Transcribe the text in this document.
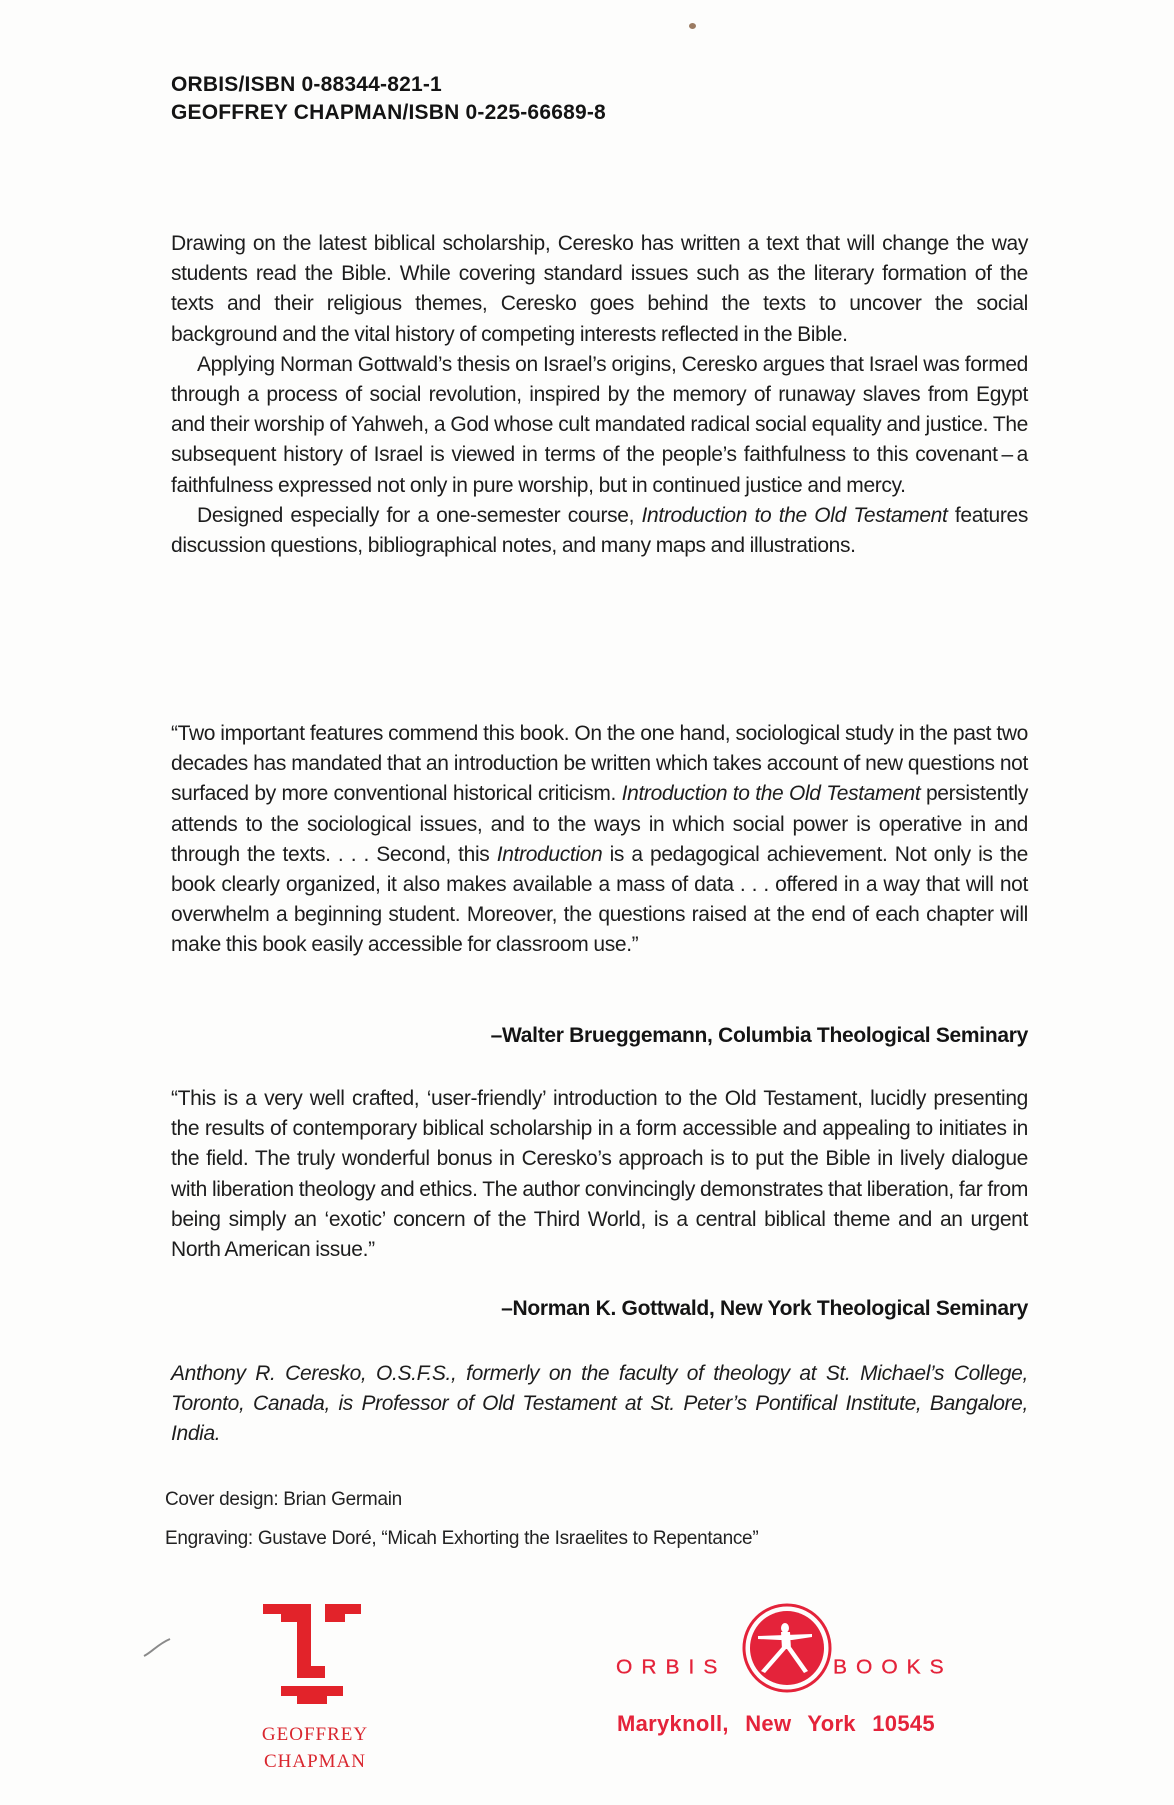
ORBIS/ISBN 0-88344-821-1
GEOFFREY CHAPMAN/ISBN 0-225-66689-8

Drawing on the latest biblical scholarship, Ceresko has written a text that will change the way students read the Bible. While covering standard issues such as the literary formation of the texts and their religious themes, Ceresko goes behind the texts to uncover the social background and the vital history of competing interests reflected in the Bible.

Applying Norman Gottwald’s thesis on Israel’s origins, Ceresko argues that Israel was formed through a process of social revolution, inspired by the memory of runaway slaves from Egypt and their worship of Yahweh, a God whose cult mandated radical social equality and justice. The subsequent history of Israel is viewed in terms of the people’s faithfulness to this covenant – a faithfulness expressed not only in pure worship, but in continued justice and mercy.

Designed especially for a one-semester course, Introduction to the Old Testament features discussion questions, bibliographical notes, and many maps and illustrations.

“Two important features commend this book. On the one hand, sociological study in the past two decades has mandated that an introduction be written which takes account of new questions not surfaced by more conventional historical criticism. Introduction to the Old Testament persistently attends to the sociological issues, and to the ways in which social power is operative in and through the texts. . . . Second, this Introduction is a pedagogical achievement. Not only is the book clearly organized, it also makes available a mass of data . . . offered in a way that will not overwhelm a beginning student. Moreover, the questions raised at the end of each chapter will make this book easily accessible for classroom use.”

–Walter Brueggemann, Columbia Theological Seminary

“This is a very well crafted, ‘user-friendly’ introduction to the Old Testament, lucidly presenting the results of contemporary biblical scholarship in a form accessible and appealing to initiates in the field. The truly wonderful bonus in Ceresko’s approach is to put the Bible in lively dialogue with liberation theology and ethics. The author convincingly demonstrates that liberation, far from being simply an ‘exotic’ concern of the Third World, is a central biblical theme and an urgent North American issue.”

–Norman K. Gottwald, New York Theological Seminary

Anthony R. Ceresko, O.S.F.S., formerly on the faculty of theology at St. Michael’s College, Toronto, Canada, is Professor of Old Testament at St. Peter’s Pontifical Institute, Bangalore, India.

Cover design: Brian Germain
Engraving: Gustave Doré, “Micah Exhorting the Israelites to Repentance”
GEOFFREY
CHAPMAN
ORBIS	BOOKS
Maryknoll, New York 10545
